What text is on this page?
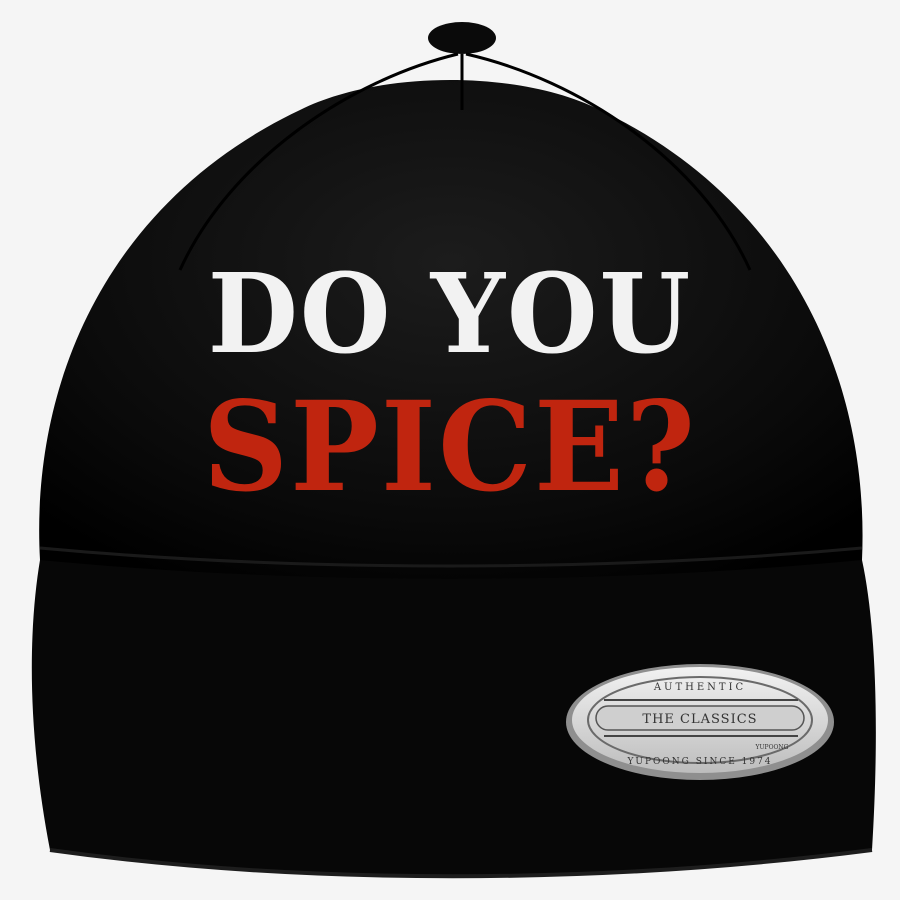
AUTHENTIC
THE CLASSICS
YUPOONG
YUPOONG SINCE 1974
DO YOU
SPICE?
